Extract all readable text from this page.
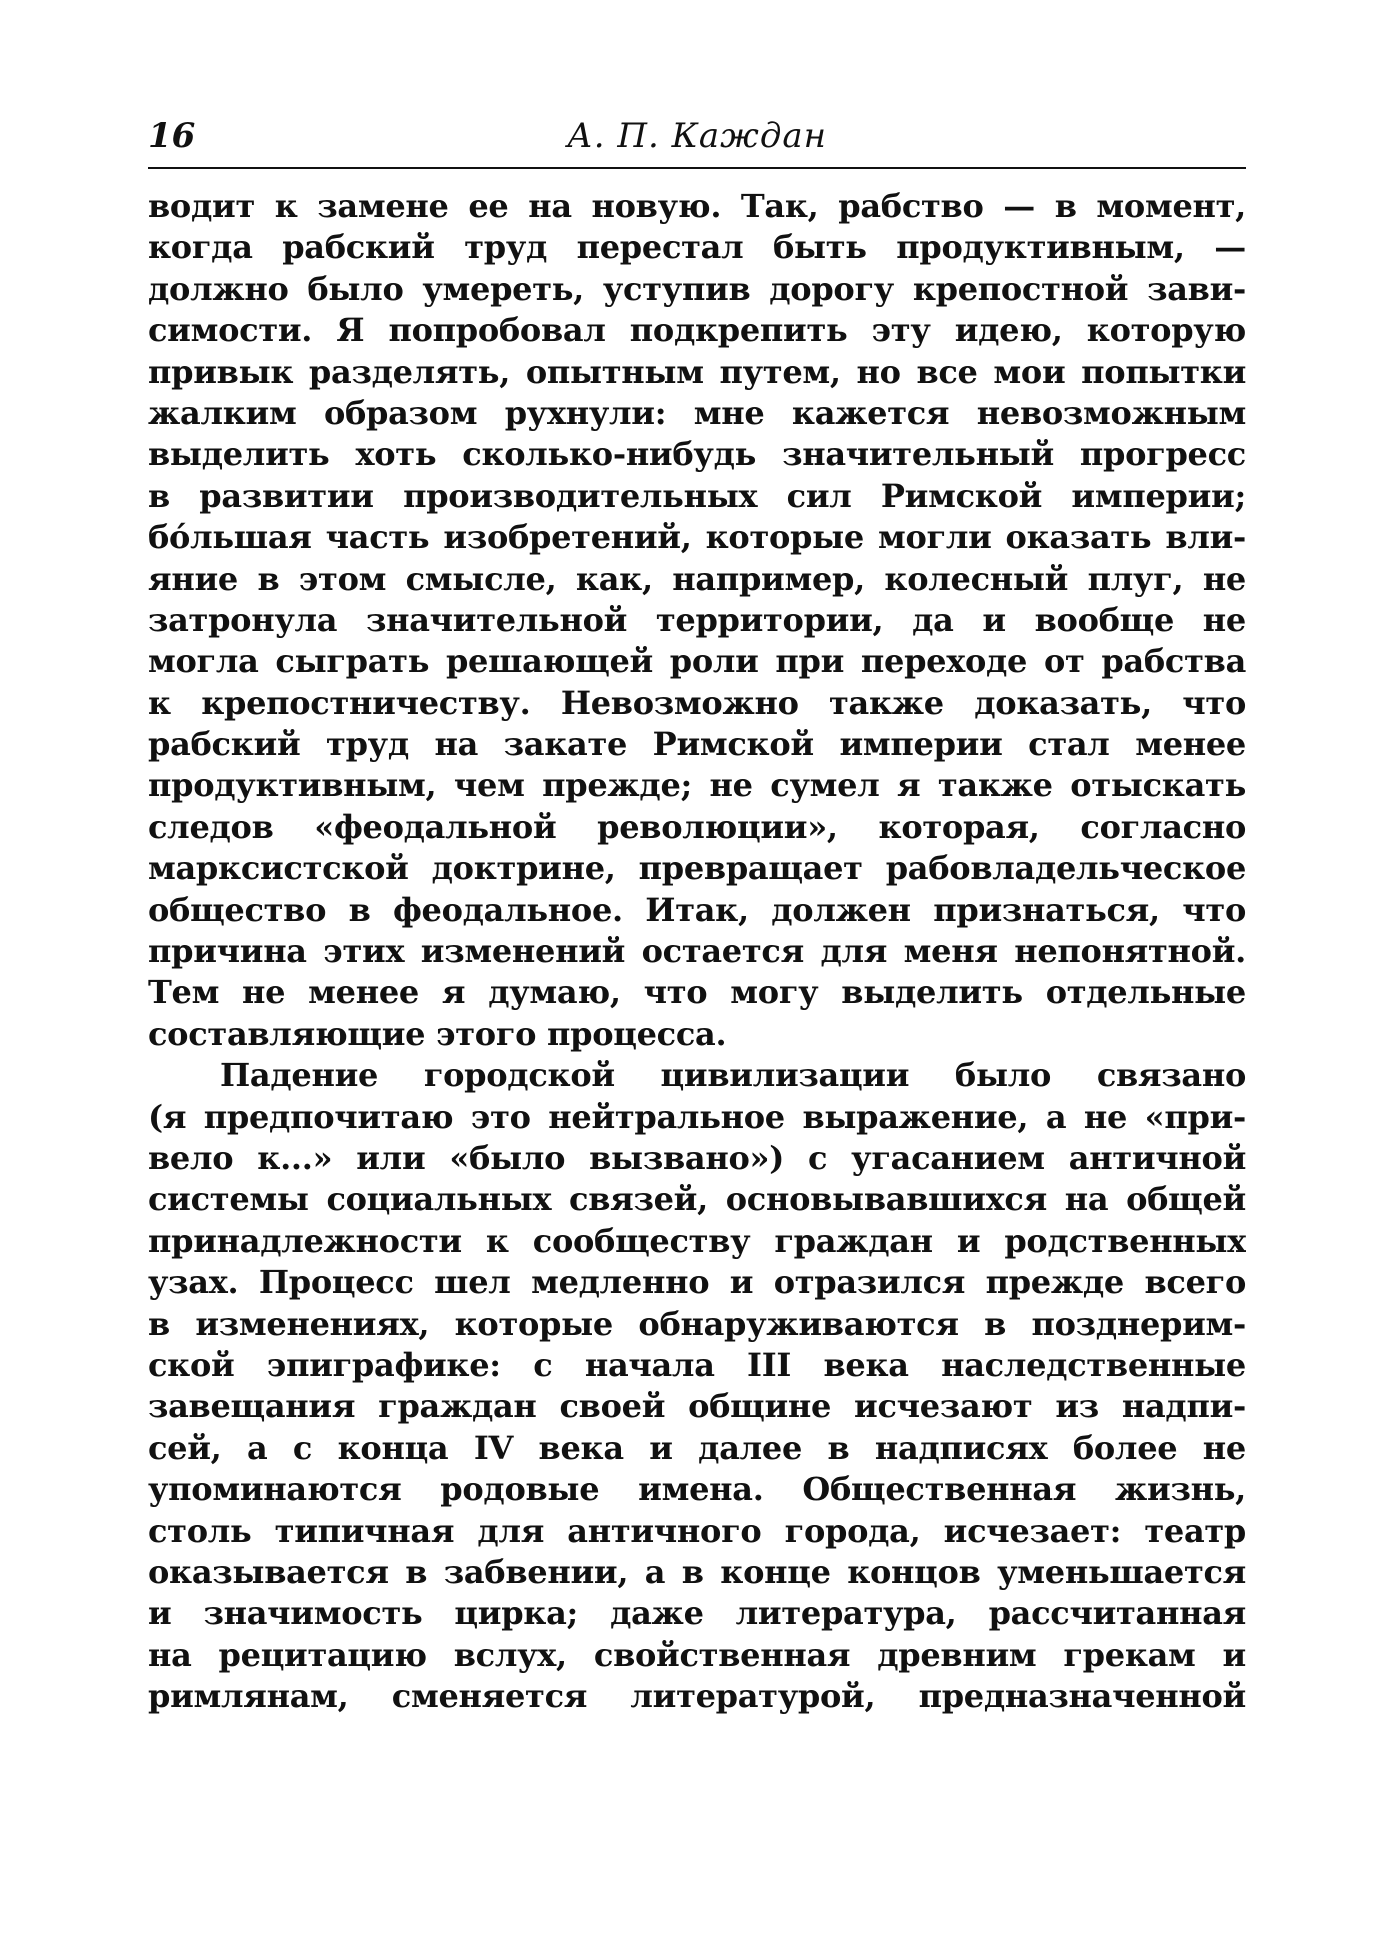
16	А. П. Каждан
водит к замене ее на новую. Так, рабство — в момент,
когда рабский труд перестал быть продуктивным, —
должно было умереть, уступив дорогу крепостной зави-
симости. Я попробовал подкрепить эту идею, которую
привык разделять, опытным путем, но все мои попытки
жалким образом рухнули: мне кажется невозможным
выделить хоть сколько-нибудь значительный прогресс
в развитии производительных сил Римской империи;
бо́льшая часть изобретений, которые могли оказать вли-
яние в этом смысле, как, например, колесный плуг, не
затронула значительной территории, да и вообще не
могла сыграть решающей роли при переходе от рабства
к крепостничеству. Невозможно также доказать, что
рабский труд на закате Римской империи стал менее
продуктивным, чем прежде; не сумел я также отыскать
следов «феодальной революции», которая, согласно
марксистской доктрине, превращает рабовладельческое
общество в феодальное. Итак, должен признаться, что
причина этих изменений остается для меня непонятной.
Тем не менее я думаю, что могу выделить отдельные
составляющие этого процесса.
Падение городской цивилизации было связано
(я предпочитаю это нейтральное выражение, а не «при-
вело к...» или «было вызвано») с угасанием античной
системы социальных связей, основывавшихся на общей
принадлежности к сообществу граждан и родственных
узах. Процесс шел медленно и отразился прежде всего
в изменениях, которые обнаруживаются в позднерим-
ской эпиграфике: с начала III века наследственные
завещания граждан своей общине исчезают из надпи-
сей, а с конца IV века и далее в надписях более не
упоминаются родовые имена. Общественная жизнь,
столь типичная для античного города, исчезает: театр
оказывается в забвении, а в конце концов уменьшается
и значимость цирка; даже литература, рассчитанная
на рецитацию вслух, свойственная древним грекам и
римлянам, сменяется литературой, предназначенной
